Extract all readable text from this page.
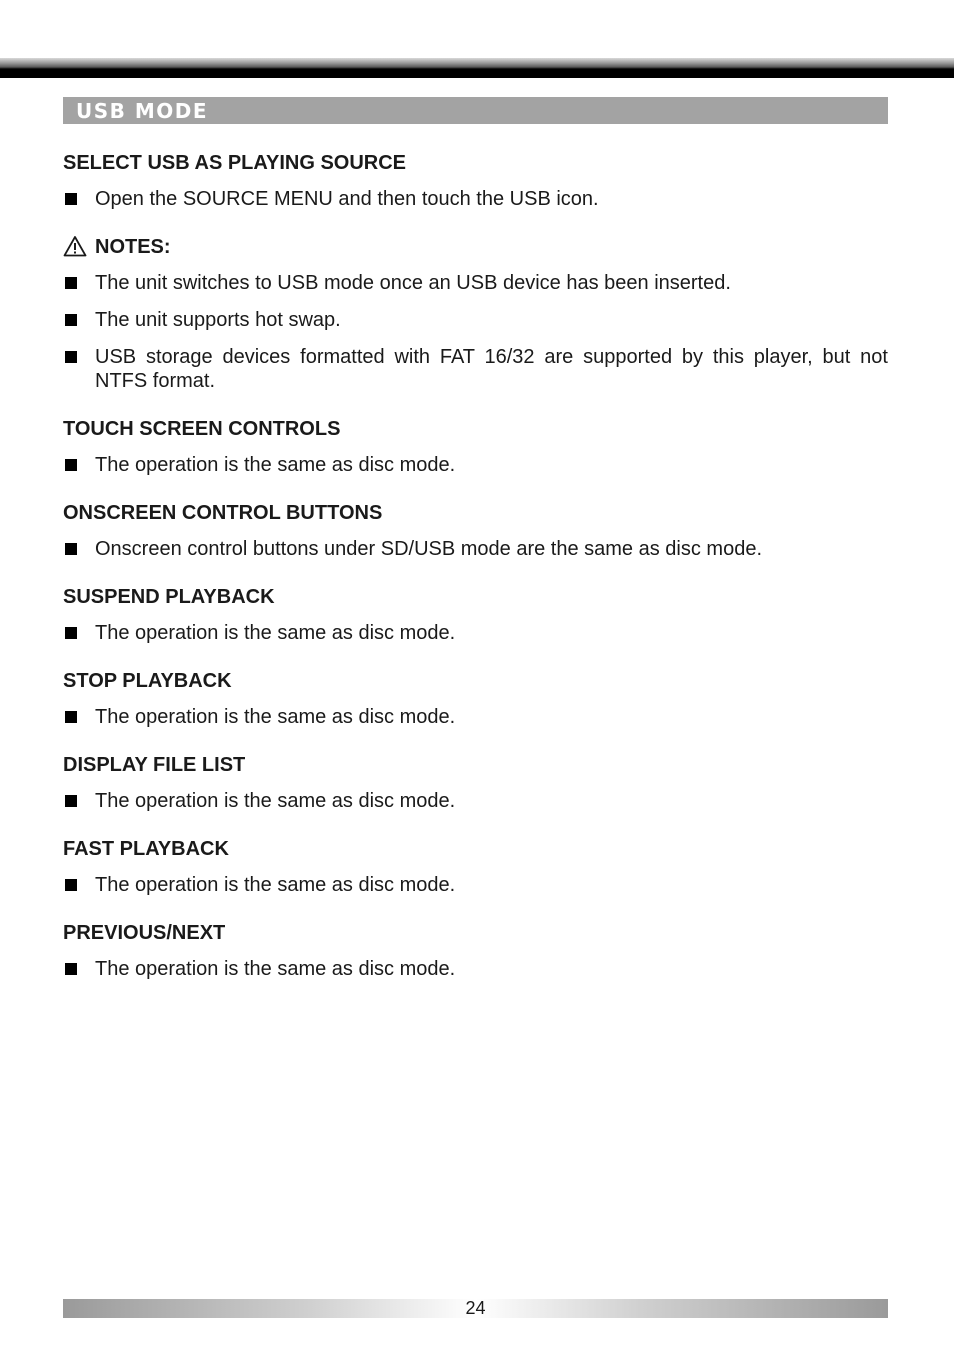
USB MODE
SELECT USB AS PLAYING SOURCE
Open the SOURCE MENU and then touch the USB icon.
NOTES:
The unit switches to USB mode once an USB device has been inserted.
The unit supports hot swap.
USB storage devices formatted with FAT 16/32 are supported by this player, but not NTFS format.
TOUCH SCREEN CONTROLS
The operation is the same as disc mode.
ONSCREEN CONTROL BUTTONS
Onscreen control buttons under SD/USB mode are the same as disc mode.
SUSPEND PLAYBACK
The operation is the same as disc mode.
STOP PLAYBACK
The operation is the same as disc mode.
DISPLAY FILE LIST
The operation is the same as disc mode.
FAST PLAYBACK
The operation is the same as disc mode.
PREVIOUS/NEXT
The operation is the same as disc mode.
24
